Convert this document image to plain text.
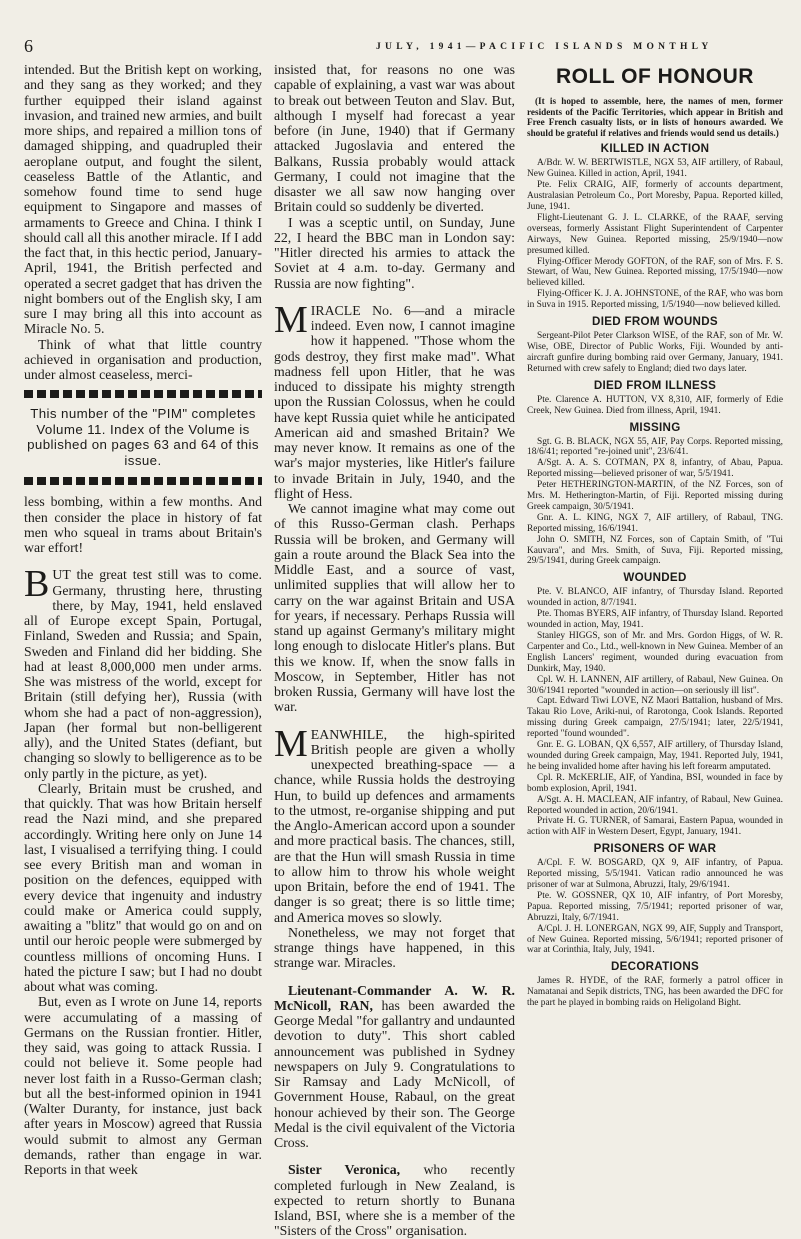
6	JULY, 1941—PACIFIC ISLANDS MONTHLY

intended. But the British kept on working, and they sang as they worked; and they further equipped their island against invasion, and trained new armies, and built more ships, and repaired a million tons of damaged shipping, and quadrupled their aeroplane output, and fought the silent, ceaseless Battle of the Atlantic, and somehow found time to send huge equipment to Singapore and masses of armaments to Greece and China. I think I should call all this another miracle. If I add the fact that, in this hectic period, January-April, 1941, the British perfected and operated a secret gadget that has driven the night bombers out of the English sky, I am sure I may bring all this into account as Miracle No. 5.

Think of what that little country achieved in organisation and production, under almost ceaseless, merci-

This number of the "PIM" completes Volume 11. Index of the Volume is published on pages 63 and 64 of this issue.

less bombing, within a few months. And then consider the place in history of fat men who squeal in trams about Britain's war effort!

BUT the great test still was to come. Germany, thrusting here, thrusting there, by May, 1941, held enslaved all of Europe except Spain, Portugal, Finland, Sweden and Russia; and Spain, Sweden and Finland did her bidding. She had at least 8,000,000 men under arms. She was mistress of the world, except for Britain (still defying her), Russia (with whom she had a pact of non-aggression), Japan (her formal but non-belligerent ally), and the United States (defiant, but changing so slowly to belligerence as to be only partly in the picture, as yet).

Clearly, Britain must be crushed, and that quickly. That was how Britain herself read the Nazi mind, and she prepared accordingly. Writing here only on June 14 last, I visualised a terrifying thing. I could see every British man and woman in position on the defences, equipped with every device that ingenuity and industry could make or America could supply, awaiting a "blitz" that would go on and on until our heroic people were submerged by countless millions of oncoming Huns. I hated the picture I saw; but I had no doubt about what was coming.

But, even as I wrote on June 14, reports were accumulating of a massing of Germans on the Russian frontier. Hitler, they said, was going to attack Russia. I could not believe it. Some people had never lost faith in a Russo-German clash; but all the best-informed opinion in 1941 (Walter Duranty, for instance, just back after years in Moscow) agreed that Russia would submit to almost any German demands, rather than engage in war. Reports in that week

insisted that, for reasons no one was capable of explaining, a vast war was about to break out between Teuton and Slav. But, although I myself had forecast a year before (in June, 1940) that if Germany attacked Jugoslavia and entered the Balkans, Russia probably would attack Germany, I could not imagine that the disaster we all saw now hanging over Britain could so suddenly be diverted.

I was a sceptic until, on Sunday, June 22, I heard the BBC man in London say: "Hitler directed his armies to attack the Soviet at 4 a.m. to-day. Germany and Russia are now fighting".

MIRACLE No. 6—and a miracle indeed. Even now, I cannot imagine how it happened. "Those whom the gods destroy, they first make mad". What madness fell upon Hitler, that he was induced to dissipate his mighty strength upon the Russian Colossus, when he could have kept Russia quiet while he anticipated American aid and smashed Britain? We may never know. It remains as one of the war's major mysteries, like Hitler's failure to invade Britain in July, 1940, and the flight of Hess.

We cannot imagine what may come out of this Russo-German clash. Perhaps Russia will be broken, and Germany will gain a route around the Black Sea into the Middle East, and a source of vast, unlimited supplies that will allow her to carry on the war against Britain and USA for years, if necessary. Perhaps Russia will stand up against Germany's military might long enough to dislocate Hitler's plans. But this we know. If, when the snow falls in Moscow, in September, Hitler has not broken Russia, Germany will have lost the war.

MEANWHILE, the high-spirited British people are given a wholly unexpected breathing-space — a chance, while Russia holds the destroying Hun, to build up defences and armaments to the utmost, re-organise shipping and put the Anglo-American accord upon a sounder and more practical basis. The chances, still, are that the Hun will smash Russia in time to allow him to throw his whole weight upon Britain, before the end of 1941. The danger is so great; there is so little time; and America moves so slowly.

Nonetheless, we may not forget that strange things have happened, in this strange war. Miracles.

Lieutenant-Commander A. W. R. McNicoll, RAN, has been awarded the George Medal "for gallantry and undaunted devotion to duty". This short cabled announcement was published in Sydney newspapers on July 9. Congratulations to Sir Ramsay and Lady McNicoll, of Government House, Rabaul, on the great honour achieved by their son. The George Medal is the civil equivalent of the Victoria Cross.

Sister Veronica, who recently completed furlough in New Zealand, is expected to return shortly to Bunana Island, BSI, where she is a member of the "Sisters of the Cross" organisation.

ROLL OF HONOUR

(It is hoped to assemble, here, the names of men, former residents of the Pacific Territories, which appear in British and Free French casualty lists, or in lists of honours awarded. We should be grateful if relatives and friends would send us details.)

KILLED IN ACTION

A/Bdr. W. W. BERTWISTLE, NGX 53, AIF artillery, of Rabaul, New Guinea. Killed in action, April, 1941.

Pte. Felix CRAIG, AIF, formerly of accounts department, Australasian Petroleum Co., Port Moresby, Papua. Reported killed, June, 1941.

Flight-Lieutenant G. J. L. CLARKE, of the RAAF, serving overseas, formerly Assistant Flight Superintendent of Carpenter Airways, New Guinea. Reported missing, 25/9/1940—now presumed killed.

Flying-Officer Merody GOFTON, of the RAF, son of Mrs. F. S. Stewart, of Wau, New Guinea. Reported missing, 17/5/1940—now believed killed.

Flying-Officer K. J. A. JOHNSTONE, of the RAF, who was born in Suva in 1915. Reported missing, 1/5/1940—now believed killed.

DIED FROM WOUNDS

Sergeant-Pilot Peter Clarkson WISE, of the RAF, son of Mr. W. Wise, OBE, Director of Public Works, Fiji. Wounded by anti-aircraft gunfire during bombing raid over Germany, January, 1941. Returned with crew safely to England; died two days later.

DIED FROM ILLNESS

Pte. Clarence A. HUTTON, VX 8,310, AIF, formerly of Edie Creek, New Guinea. Died from illness, April, 1941.

MISSING

Sgt. G. B. BLACK, NGX 55, AIF, Pay Corps. Reported missing, 18/6/41; reported "re-joined unit", 23/6/41.

A/Sgt. A. A. S. COTMAN, PX 8, infantry, of Abau, Papua. Reported missing—believed prisoner of war, 5/5/1941.

Peter HETHERINGTON-MARTIN, of the NZ Forces, son of Mrs. M. Hetherington-Martin, of Fiji. Reported missing during Greek campaign, 30/5/1941.

Gnr. A. L. KING, NGX 7, AIF artillery, of Rabaul, TNG. Reported missing, 16/6/1941.

John O. SMITH, NZ Forces, son of Captain Smith, of "Tui Kauvara", and Mrs. Smith, of Suva, Fiji. Reported missing, 29/5/1941, during Greek campaign.

WOUNDED

Pte. V. BLANCO, AIF infantry, of Thursday Island. Reported wounded in action, 8/7/1941.

Pte. Thomas BYERS, AIF infantry, of Thursday Island. Reported wounded in action, May, 1941.

Stanley HIGGS, son of Mr. and Mrs. Gordon Higgs, of W. R. Carpenter and Co., Ltd., well-known in New Guinea. Member of an English Lancers' regiment, wounded during evacuation from Dunkirk, May, 1940.

Cpl. W. H. LANNEN, AIF artillery, of Rabaul, New Guinea. On 30/6/1941 reported "wounded in action—on seriously ill list".

Capt. Edward Tiwi LOVE, NZ Maori Battalion, husband of Mrs. Takau Rio Love, Ariki-nui, of Rarotonga, Cook Islands. Reported missing during Greek campaign, 27/5/1941; later, 22/5/1941, reported "found wounded".

Gnr. E. G. LOBAN, QX 6,557, AIF artillery, of Thursday Island, wounded during Greek campaign, May, 1941. Reported July, 1941, he being invalided home after having his left forearm amputated.

Cpl. R. McKERLIE, AIF, of Yandina, BSI, wounded in face by bomb explosion, April, 1941.

A/Sgt. A. H. MACLEAN, AIF infantry, of Rabaul, New Guinea. Reported wounded in action, 20/6/1941.

Private H. G. TURNER, of Samarai, Eastern Papua, wounded in action with AIF in Western Desert, Egypt, January, 1941.

PRISONERS OF WAR

A/Cpl. F. W. BOSGARD, QX 9, AIF infantry, of Papua. Reported missing, 5/5/1941. Vatican radio announced he was prisoner of war at Sulmona, Abruzzi, Italy, 29/6/1941.

Pte. W. GOSSNER, QX 10, AIF infantry, of Port Moresby, Papua. Reported missing, 7/5/1941; reported prisoner of war, Abruzzi, Italy, 6/7/1941.

A/Cpl. J. H. LONERGAN, NGX 99, AIF, Supply and Transport, of New Guinea. Reported missing, 5/6/1941; reported prisoner of war at Corinthia, Italy, July, 1941.

DECORATIONS

James R. HYDE, of the RAF, formerly a patrol officer in Namatanai and Sepik districts, TNG, has been awarded the DFC for the part he played in bombing raids on Heligoland Bight.
